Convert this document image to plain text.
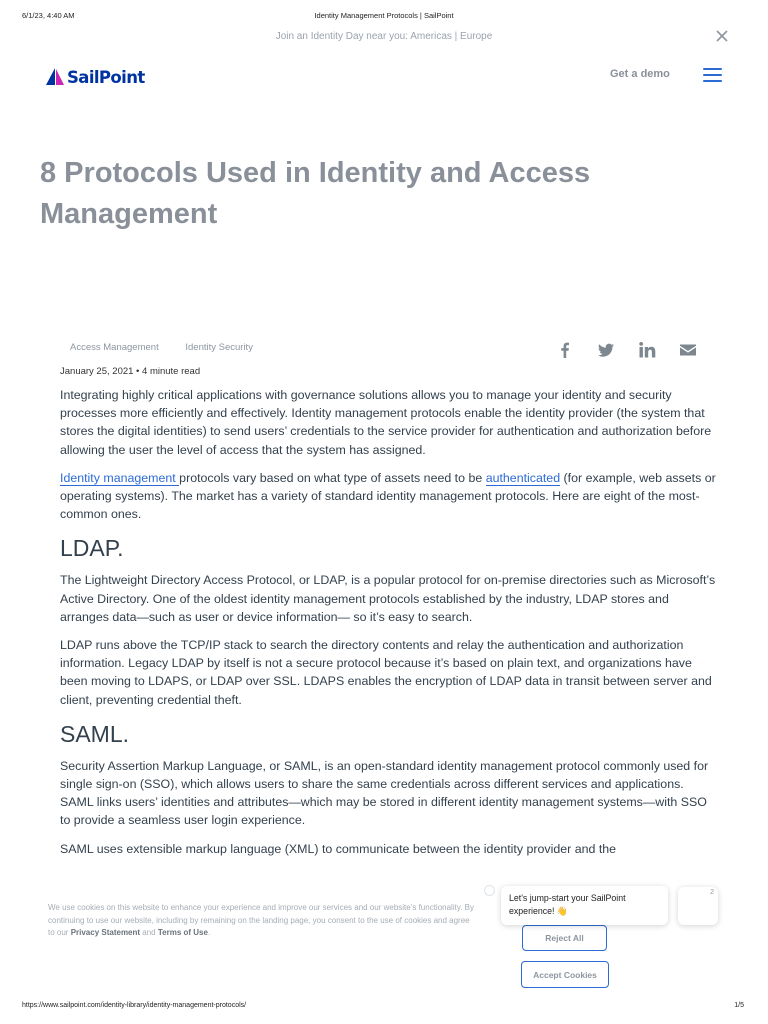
6/1/23, 4:40 AM	Identity Management Protocols | SailPoint
Join an Identity Day near you: Americas | Europe
SailPoint	Get a demo
8 Protocols Used in Identity and Access Management
Access Management	Identity Security
January 25, 2021 • 4 minute read

Integrating highly critical applications with governance solutions allows you to manage your identity and security processes more efficiently and effectively. Identity management protocols enable the identity provider (the system that stores the digital identities) to send users’ credentials to the service provider for authentication and authorization before allowing the user the level of access that the system has assigned.

Identity management protocols vary based on what type of assets need to be authenticated (for example, web assets or operating systems). The market has a variety of standard identity management protocols. Here are eight of the most-common ones.

LDAP.

The Lightweight Directory Access Protocol, or LDAP, is a popular protocol for on-premise directories such as Microsoft’s Active Directory. One of the oldest identity management protocols established by the industry, LDAP stores and arranges data—such as user or device information— so it’s easy to search.

LDAP runs above the TCP/IP stack to search the directory contents and relay the authentication and authorization information. Legacy LDAP by itself is not a secure protocol because it’s based on plain text, and organizations have been moving to LDAPS, or LDAP over SSL. LDAPS enables the encryption of LDAP data in transit between server and client, preventing credential theft.

SAML.

Security Assertion Markup Language, or SAML, is an open-standard identity management protocol commonly used for single sign-on (SSO), which allows users to share the same credentials across different services and applications. SAML links users’ identities and attributes—which may be stored in different identity management systems—with SSO to provide a seamless user login experience.

SAML uses extensible markup language (XML) to communicate between the identity provider and the

We use cookies on this website to enhance your experience and improve our services and our website’s functionality. By continuing to use our website, including by remaining on the landing page, you consent to the use of cookies and agree to our Privacy Statement and Terms of Use.
Reject All
Accept Cookies
Let's jump-start your SailPoint experience! 👋
2
https://www.sailpoint.com/identity-library/identity-management-protocols/	1/5
